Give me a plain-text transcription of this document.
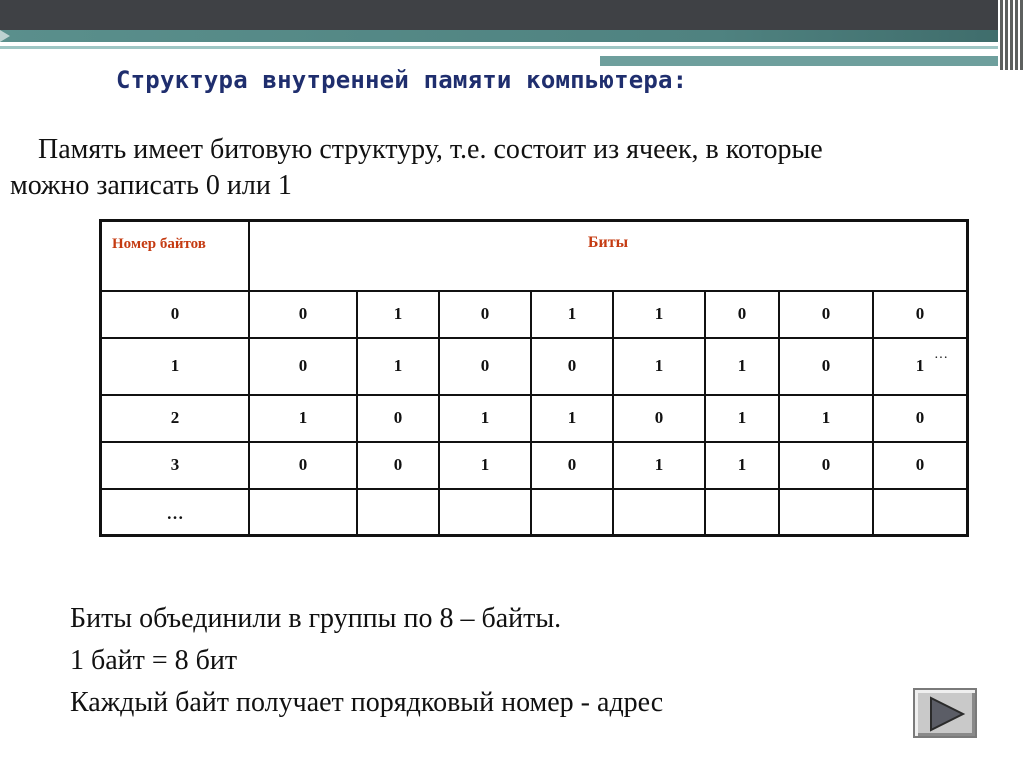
Структура внутренней памяти компьютера:
Память имеет битовую структуру, т.е. состоит из ячеек, в которые
можно записать 0 или 1
Номер байтов	Биты							
0	0	1	0	1	1	0	0	0
1	0	1	0	0	1	1	0	1 ···

2	1	0	1	1	0	1	1	0
3	0	0	1	0	1	1	0	0
…								
Биты объединили в группы по 8 – байты.
1 байт = 8 бит
Каждый байт получает порядковый номер - адрес
